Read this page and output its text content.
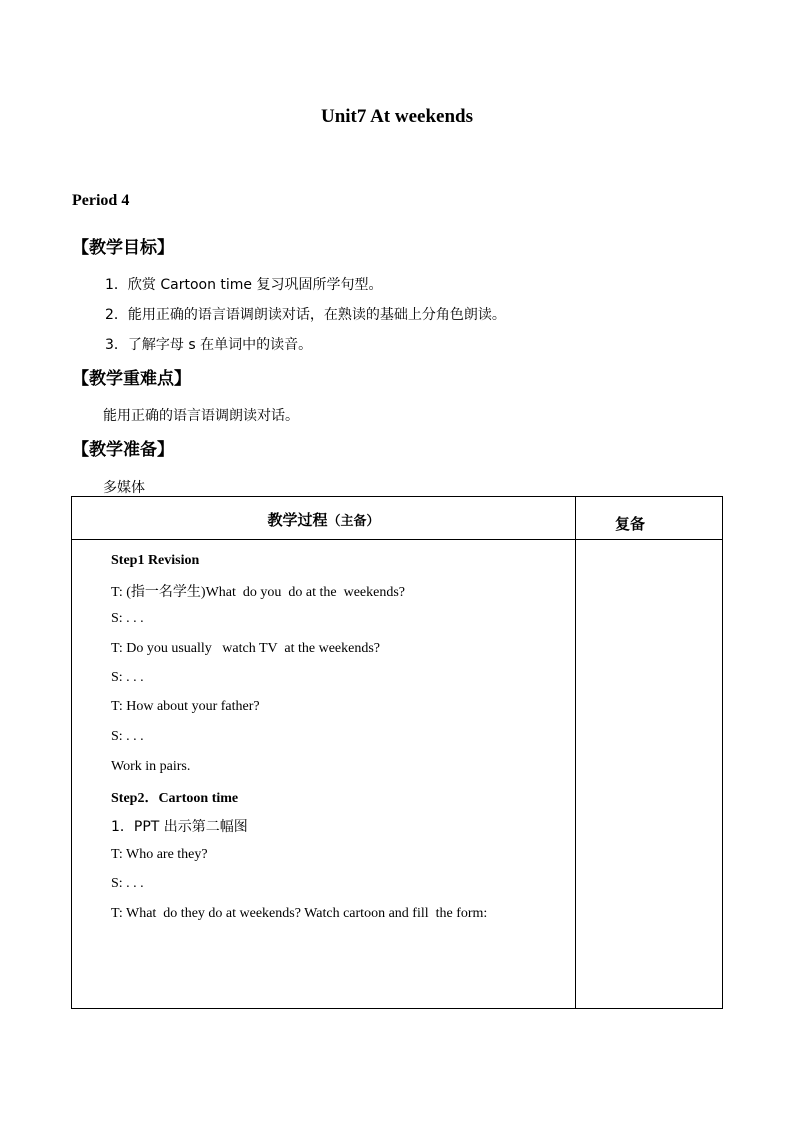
Unit7 At weekends
Period 4
【教学目标】
1．欣赏 Cartoon time 复习巩固所学句型。
2．能用正确的语言语调朗读对话，在熟读的基础上分角色朗读。
3．了解字母 s 在单词中的读音。
【教学重难点】
能用正确的语言语调朗读对话。
【教学准备】
多媒体
教学过程（主备）	复备
Step1 Revision
T: (指一名学生)What  do you  do at the  weekends?
S: . . .
T: Do you usually   watch TV  at the weekends?
S: . . .
T: How about your father?
S: . . .
Work in pairs.
Step2．Cartoon time
1．PPT 出示第二幅图
T: Who are they?
S: . . .
T: What  do they do at weekends? Watch cartoon and fill  the form:
